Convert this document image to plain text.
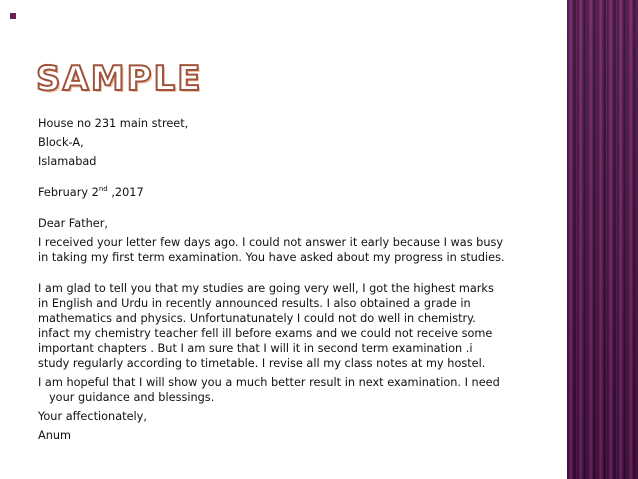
SAMPLE

House no 231 main street,

Block-A,

Islamabad

February 2nd ,2017

Dear Father,

I received your letter few days ago. I could not answer it early because I was busy

in taking my first term examination. You have asked about my progress in studies.

I am glad to tell you that my studies are going very well, I got the highest marks

in English and Urdu in recently announced results. I also obtained a grade in

mathematics and physics. Unfortunatunately I could not do well in chemistry.

infact my chemistry teacher fell ill before exams and we could not receive some

important chapters . But I am sure that I will it in second term examination .i

study regularly according to timetable. I revise all my class notes at my hostel.

I am hopeful that I will show you a much better result in next examination. I need

your guidance and blessings.

Your affectionately,

Anum
